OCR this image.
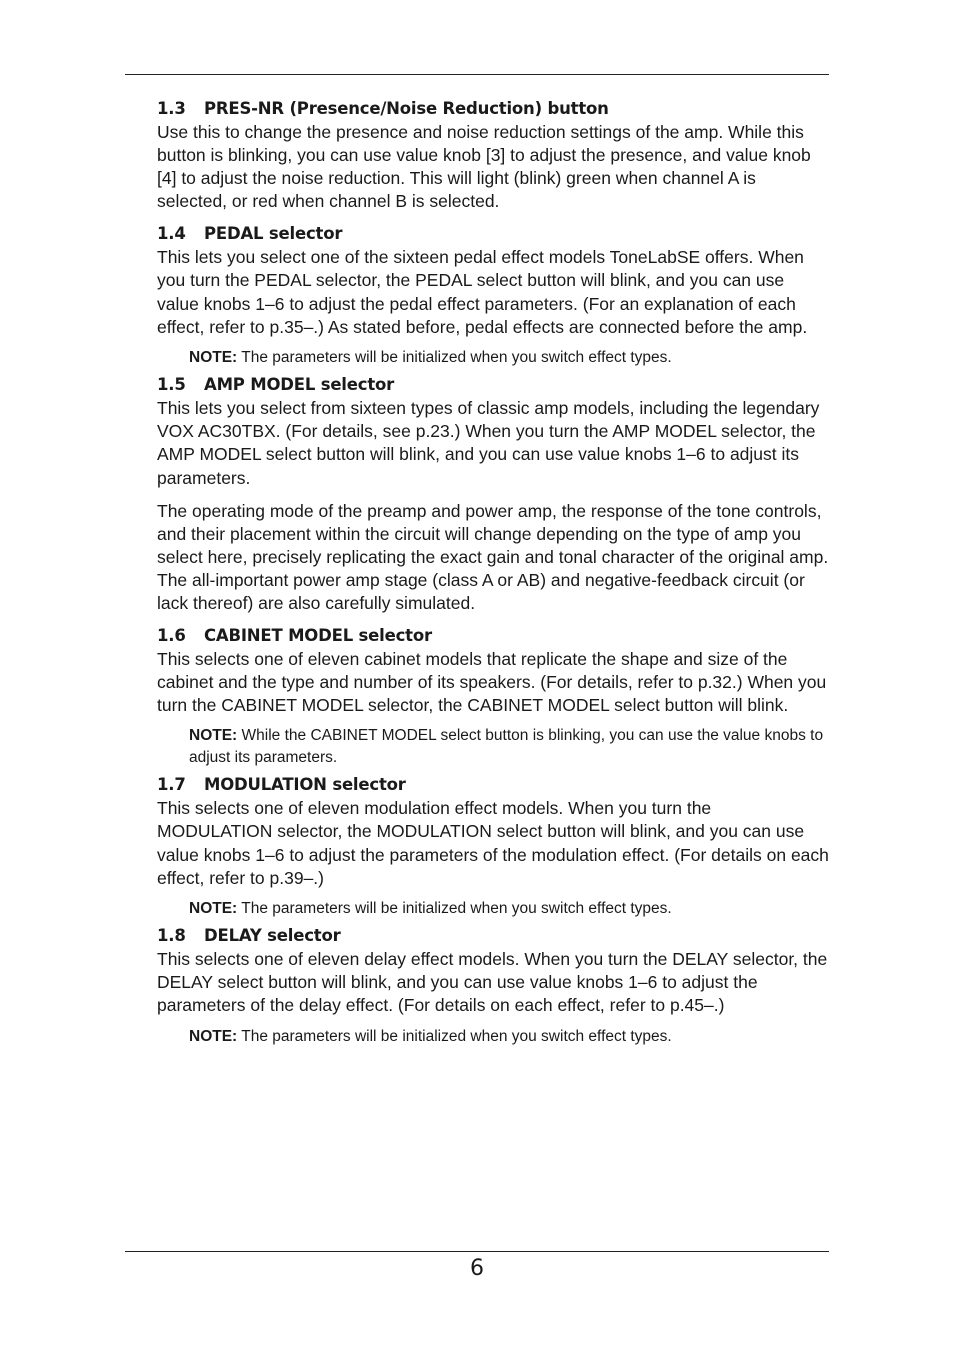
1.3 PRES-NR (Presence/Noise Reduction) button

Use this to change the presence and noise reduction settings of the amp. While this button is blinking, you can use value knob [3] to adjust the presence, and value knob [4] to adjust the noise reduction. This will light (blink) green when channel A is selected, or red when channel B is selected.

1.4 PEDAL selector

This lets you select one of the sixteen pedal effect models ToneLabSE offers. When you turn the PEDAL selector, the PEDAL select button will blink, and you can use value knobs 1–6 to adjust the pedal effect parameters. (For an explanation of each effect, refer to p.35–.) As stated before, pedal effects are connected before the amp.

NOTE: The parameters will be initialized when you switch effect types.

1.5 AMP MODEL selector

This lets you select from sixteen types of classic amp models, including the legendary VOX AC30TBX. (For details, see p.23.) When you turn the AMP MODEL selector, the AMP MODEL select button will blink, and you can use value knobs 1–6 to adjust its parameters.

The operating mode of the preamp and power amp, the response of the tone controls, and their placement within the circuit will change depending on the type of amp you select here, precisely replicating the exact gain and tonal character of the original amp. The all-important power amp stage (class A or AB) and negative-feedback circuit (or lack thereof) are also carefully simulated.

1.6 CABINET MODEL selector

This selects one of eleven cabinet models that replicate the shape and size of the cabinet and the type and number of its speakers. (For details, refer to p.32.) When you turn the CABINET MODEL selector, the CABINET MODEL select button will blink.

NOTE: While the CABINET MODEL select button is blinking, you can use the value knobs to adjust its parameters.

1.7 MODULATION selector

This selects one of eleven modulation effect models. When you turn the MODULATION selector, the MODULATION select button will blink, and you can use value knobs 1–6 to adjust the parameters of the modulation effect. (For details on each effect, refer to p.39–.)

NOTE: The parameters will be initialized when you switch effect types.

1.8 DELAY selector

This selects one of eleven delay effect models. When you turn the DELAY selector, the DELAY select button will blink, and you can use value knobs 1–6 to adjust the parameters of the delay effect. (For details on each effect, refer to p.45–.)

NOTE: The parameters will be initialized when you switch effect types.

6
